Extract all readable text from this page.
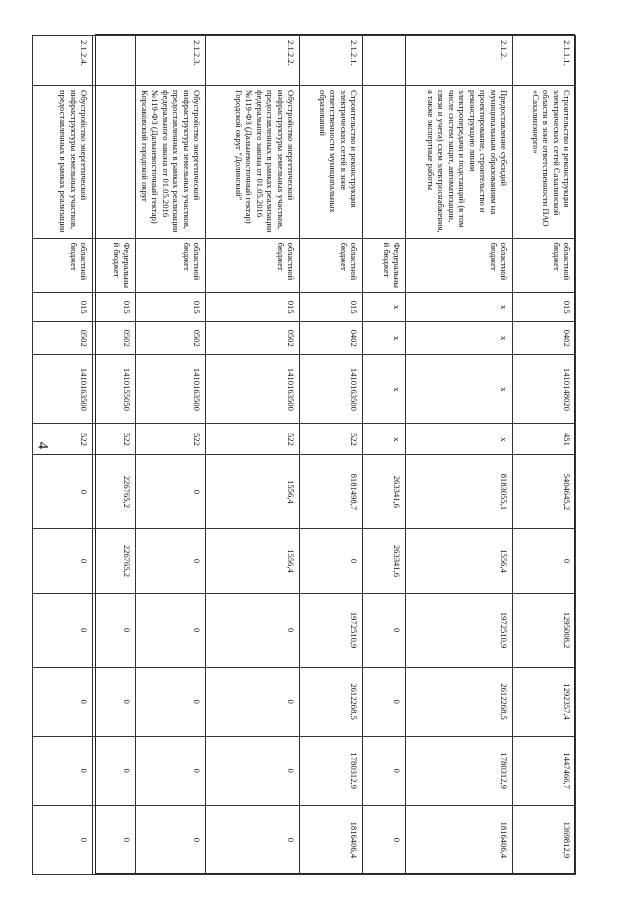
4
2.1.1.1.	Строительство и реконструкция электрических сетей Сахалинской области в зоне ответственности ПАО «Сахалинэнерго»	областной бюджет	015	0402	1410148020	451	5404645,2	0	1295008,2	1292357,4	1447466,7	1369812,9
2.1.2.	Предоставление субсидий муниципальным образованиям на проектирование, строительство и реконструкцию линии электропередачи и подстанций (в том числе систем защит, автоматизации, связи и учета) схем электроснабжения, а также экспертные работы	областной бюджет	x	x	x	x	8183055,1	1556,4	1972510,9	2612268,5	1780312,9	1816406,4
		Федеральный бюджет	x	x	x	x	263341,6	263341,6	0	0	0	0
2.1.2.1.	Строительство и реконструкция электрических сетей в зоне ответственности муниципальных образований	областной бюджет	015	0402	1410163500	522	8181498,7	0	1972510,9	2612268,5	1780312,9	1816406,4
2.1.2.2.	Обустройство энергетической инфраструктуры земельных участков, предоставленных в рамках реализации федерального закона от 01.05.2016 №119-ФЗ (Дальневосточный гектар) Городской округ "Долинский"	областной бюджет	015	0502	1410163500	522	1556,4	1556,4	0	0	0	0
2.1.2.3.	Обустройство энергетической инфраструктуры земельных участков, предоставленных в рамках реализации федерального закона от 01.05.2016 №119-ФЗ (Дальневосточный гектар) Корсаковский городской округ	областной бюджет	015	0502	1410163500	522	0	0	0	0	0	0
		Федеральный бюджет	015	0502	1410155050	522	226765,2	226765,2	0	0	0	0
2.1.2.4.	Обустройство энергетической инфраструктуры земельных участков, предоставленных в рамках реализации	областной бюджет	015	0502	1410163500	522	0	0	0	0	0	0
